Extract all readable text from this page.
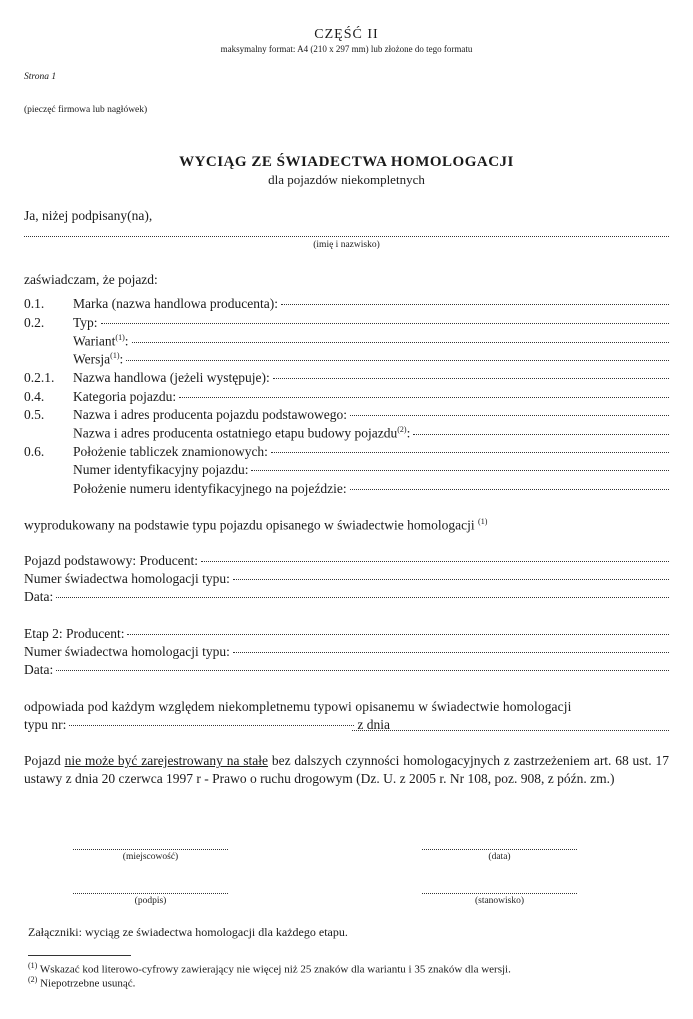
CZĘŚĆ II
maksymalny format: A4 (210 x 297 mm) lub złożone do tego formatu
Strona 1
(pieczęć firmowa lub nagłówek)
WYCIĄG ZE ŚWIADECTWA HOMOLOGACJI
dla pojazdów niekompletnych
Ja, niżej podpisany(na),
(imię i nazwisko)
zaświadczam, że pojazd:
0.1. Marka (nazwa handlowa producenta):
0.2. Typ:
Wariant$^{(1)}$:
Wersja$^{(1)}$:
0.2.1. Nazwa handlowa (jeżeli występuje):
0.4. Kategoria pojazdu:
0.5. Nazwa i adres producenta pojazdu podstawowego:
Nazwa i adres producenta ostatniego etapu budowy pojazdu$^{(2)}$:
0.6. Położenie tabliczek znamionowych:
Numer identyfikacyjny pojazdu:
Położenie numeru identyfikacyjnego na pojeździe:
wyprodukowany na podstawie typu pojazdu opisanego w świadectwie homologacji $^{(1)}$
Pojazd podstawowy: Producent:
Numer świadectwa homologacji typu:
Data:
Etap 2: Producent:
Numer świadectwa homologacji typu:
Data:
odpowiada pod każdym względem niekompletnemu typowi opisanemu w świadectwie homologacji
typu nr:	z dnia
Pojazd nie może być zarejestrowany na stałe bez dalszych czynności homologacyjnych z zastrzeżeniem art. 68 ust. 17 ustawy z dnia 20 czerwca 1997 r - Prawo o ruchu drogowym (Dz. U. z 2005 r. Nr 108, poz. 908, z późn. zm.)
(miejscowość)	(data)
(podpis)	(stanowisko)
Załączniki: wyciąg ze świadectwa homologacji dla każdego etapu.
$^{(1)}$ Wskazać kod literowo-cyfrowy zawierający nie więcej niż 25 znaków dla wariantu i 35 znaków dla wersji.
$^{(2)}$ Niepotrzebne usunąć.
